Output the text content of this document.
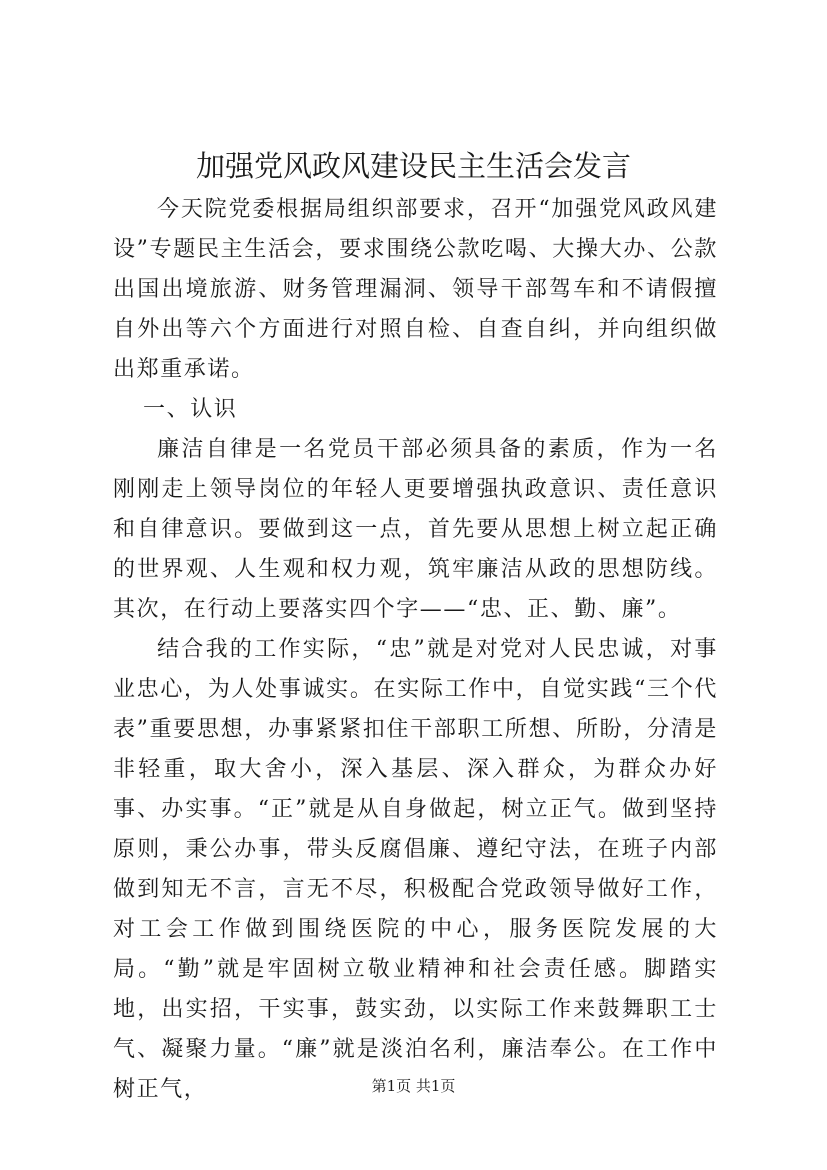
加强党风政风建设民主生活会发言

今天院党委根据局组织部要求，召开“加强党风政风建设”专题民主生活会，要求围绕公款吃喝、大操大办、公款出国出境旅游、财务管理漏洞、领导干部驾车和不请假擅自外出等六个方面进行对照自检、自查自纠，并向组织做出郑重承诺。

一、认识

廉洁自律是一名党员干部必须具备的素质，作为一名刚刚走上领导岗位的年轻人更要增强执政意识、责任意识和自律意识。要做到这一点，首先要从思想上树立起正确的世界观、人生观和权力观，筑牢廉洁从政的思想防线。其次，在行动上要落实四个字——“忠、正、勤、廉”。

结合我的工作实际，“忠”就是对党对人民忠诚，对事业忠心，为人处事诚实。在实际工作中，自觉实践“三个代表”重要思想，办事紧紧扣住干部职工所想、所盼，分清是非轻重，取大舍小，深入基层、深入群众，为群众办好事、办实事。“正”就是从自身做起，树立正气。做到坚持原则，秉公办事，带头反腐倡廉、遵纪守法，在班子内部做到知无不言，言无不尽，积极配合党政领导做好工作，对工会工作做到围绕医院的中心，服务医院发展的大局。“勤”就是牢固树立敬业精神和社会责任感。脚踏实地，出实招，干实事，鼓实劲，以实际工作来鼓舞职工士气、凝聚力量。“廉”就是淡泊名利，廉洁奉公。在工作中树正气，	第1页 共1页
